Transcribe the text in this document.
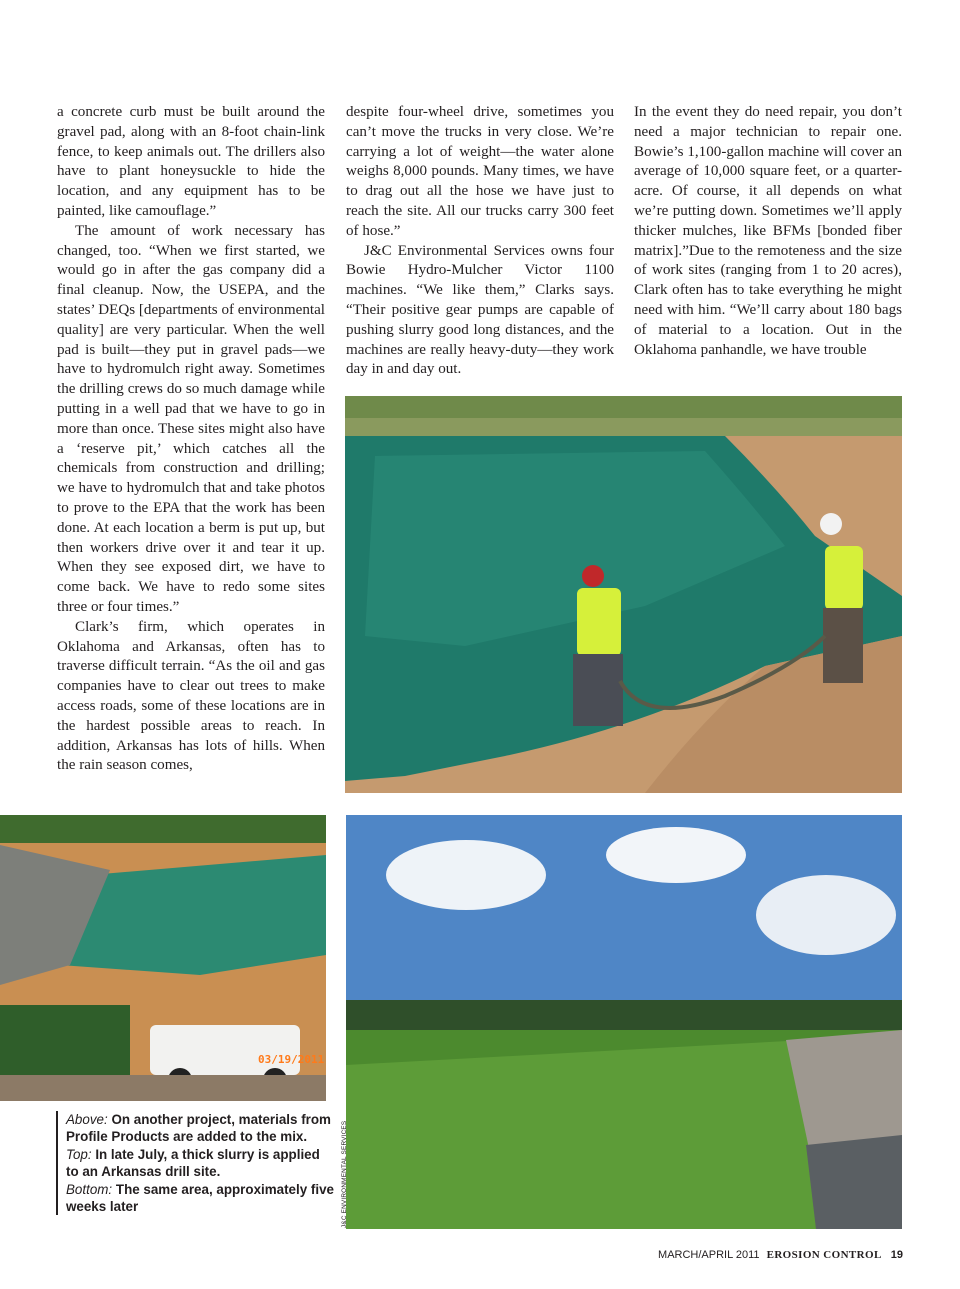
a concrete curb must be built around the gravel pad, along with an 8-foot chain-link fence, to keep animals out. The drillers also have to plant honeysuckle to hide the location, and any equipment has to be painted, like camouflage.”

The amount of work necessary has changed, too. “When we first started, we would go in after the gas company did a final cleanup. Now, the USEPA, and the states’ DEQs [departments of environmental quality] are very particular. When the well pad is built—they put in gravel pads—we have to hydromulch right away. Sometimes the drilling crews do so much damage while putting in a well pad that we have to go in more than once. These sites might also have a ‘reserve pit,’ which catches all the chemicals from construction and drilling; we have to hydromulch that and take photos to prove to the EPA that the work has been done. At each location a berm is put up, but then workers drive over it and tear it up. When they see exposed dirt, we have to come back. We have to redo some sites three or four times.”

Clark’s firm, which operates in Oklahoma and Arkansas, often has to traverse difficult terrain. “As the oil and gas companies have to clear out trees to make access roads, some of these locations are in the hardest possible areas to reach. In addition, Arkansas has lots of hills. When the rain season comes,

despite four-wheel drive, sometimes you can’t move the trucks in very close. We’re carrying a lot of weight—the water alone weighs 8,000 pounds. Many times, we have to drag out all the hose we have just to reach the site. All our trucks carry 300 feet of hose.”

J&C Environmental Services owns four Bowie Hydro-Mulcher Victor 1100 machines. “We like them,” Clarks says. “Their positive gear pumps are capable of pushing slurry good long distances, and the machines are really heavy-duty—they work day in and day out.

In the event they do need repair, you don’t need a major technician to repair one. Bowie’s 1,100-gallon machine will cover an average of 10,000 square feet, or a quarter-acre. Of course, it all depends on what we’re putting down. Sometimes we’ll apply thicker mulches, like BFMs [bonded fiber matrix].”Due to the remoteness and the size of work sites (ranging from 1 to 20 acres), Clark often has to take everything he might need with him. “We’ll carry about 180 bags of material to a location. Out in the Oklahoma panhandle, we have trouble

03/19/2011
J&C ENVIRONMENTAL SERVICES

Above: On another project, materials from Profile Products are added to the mix.

Top: In late July, a thick slurry is applied to an Arkansas drill site.

Bottom: The same area, approximately five weeks later

MARCH/APRIL 2011 EROSION CONTROL 19
